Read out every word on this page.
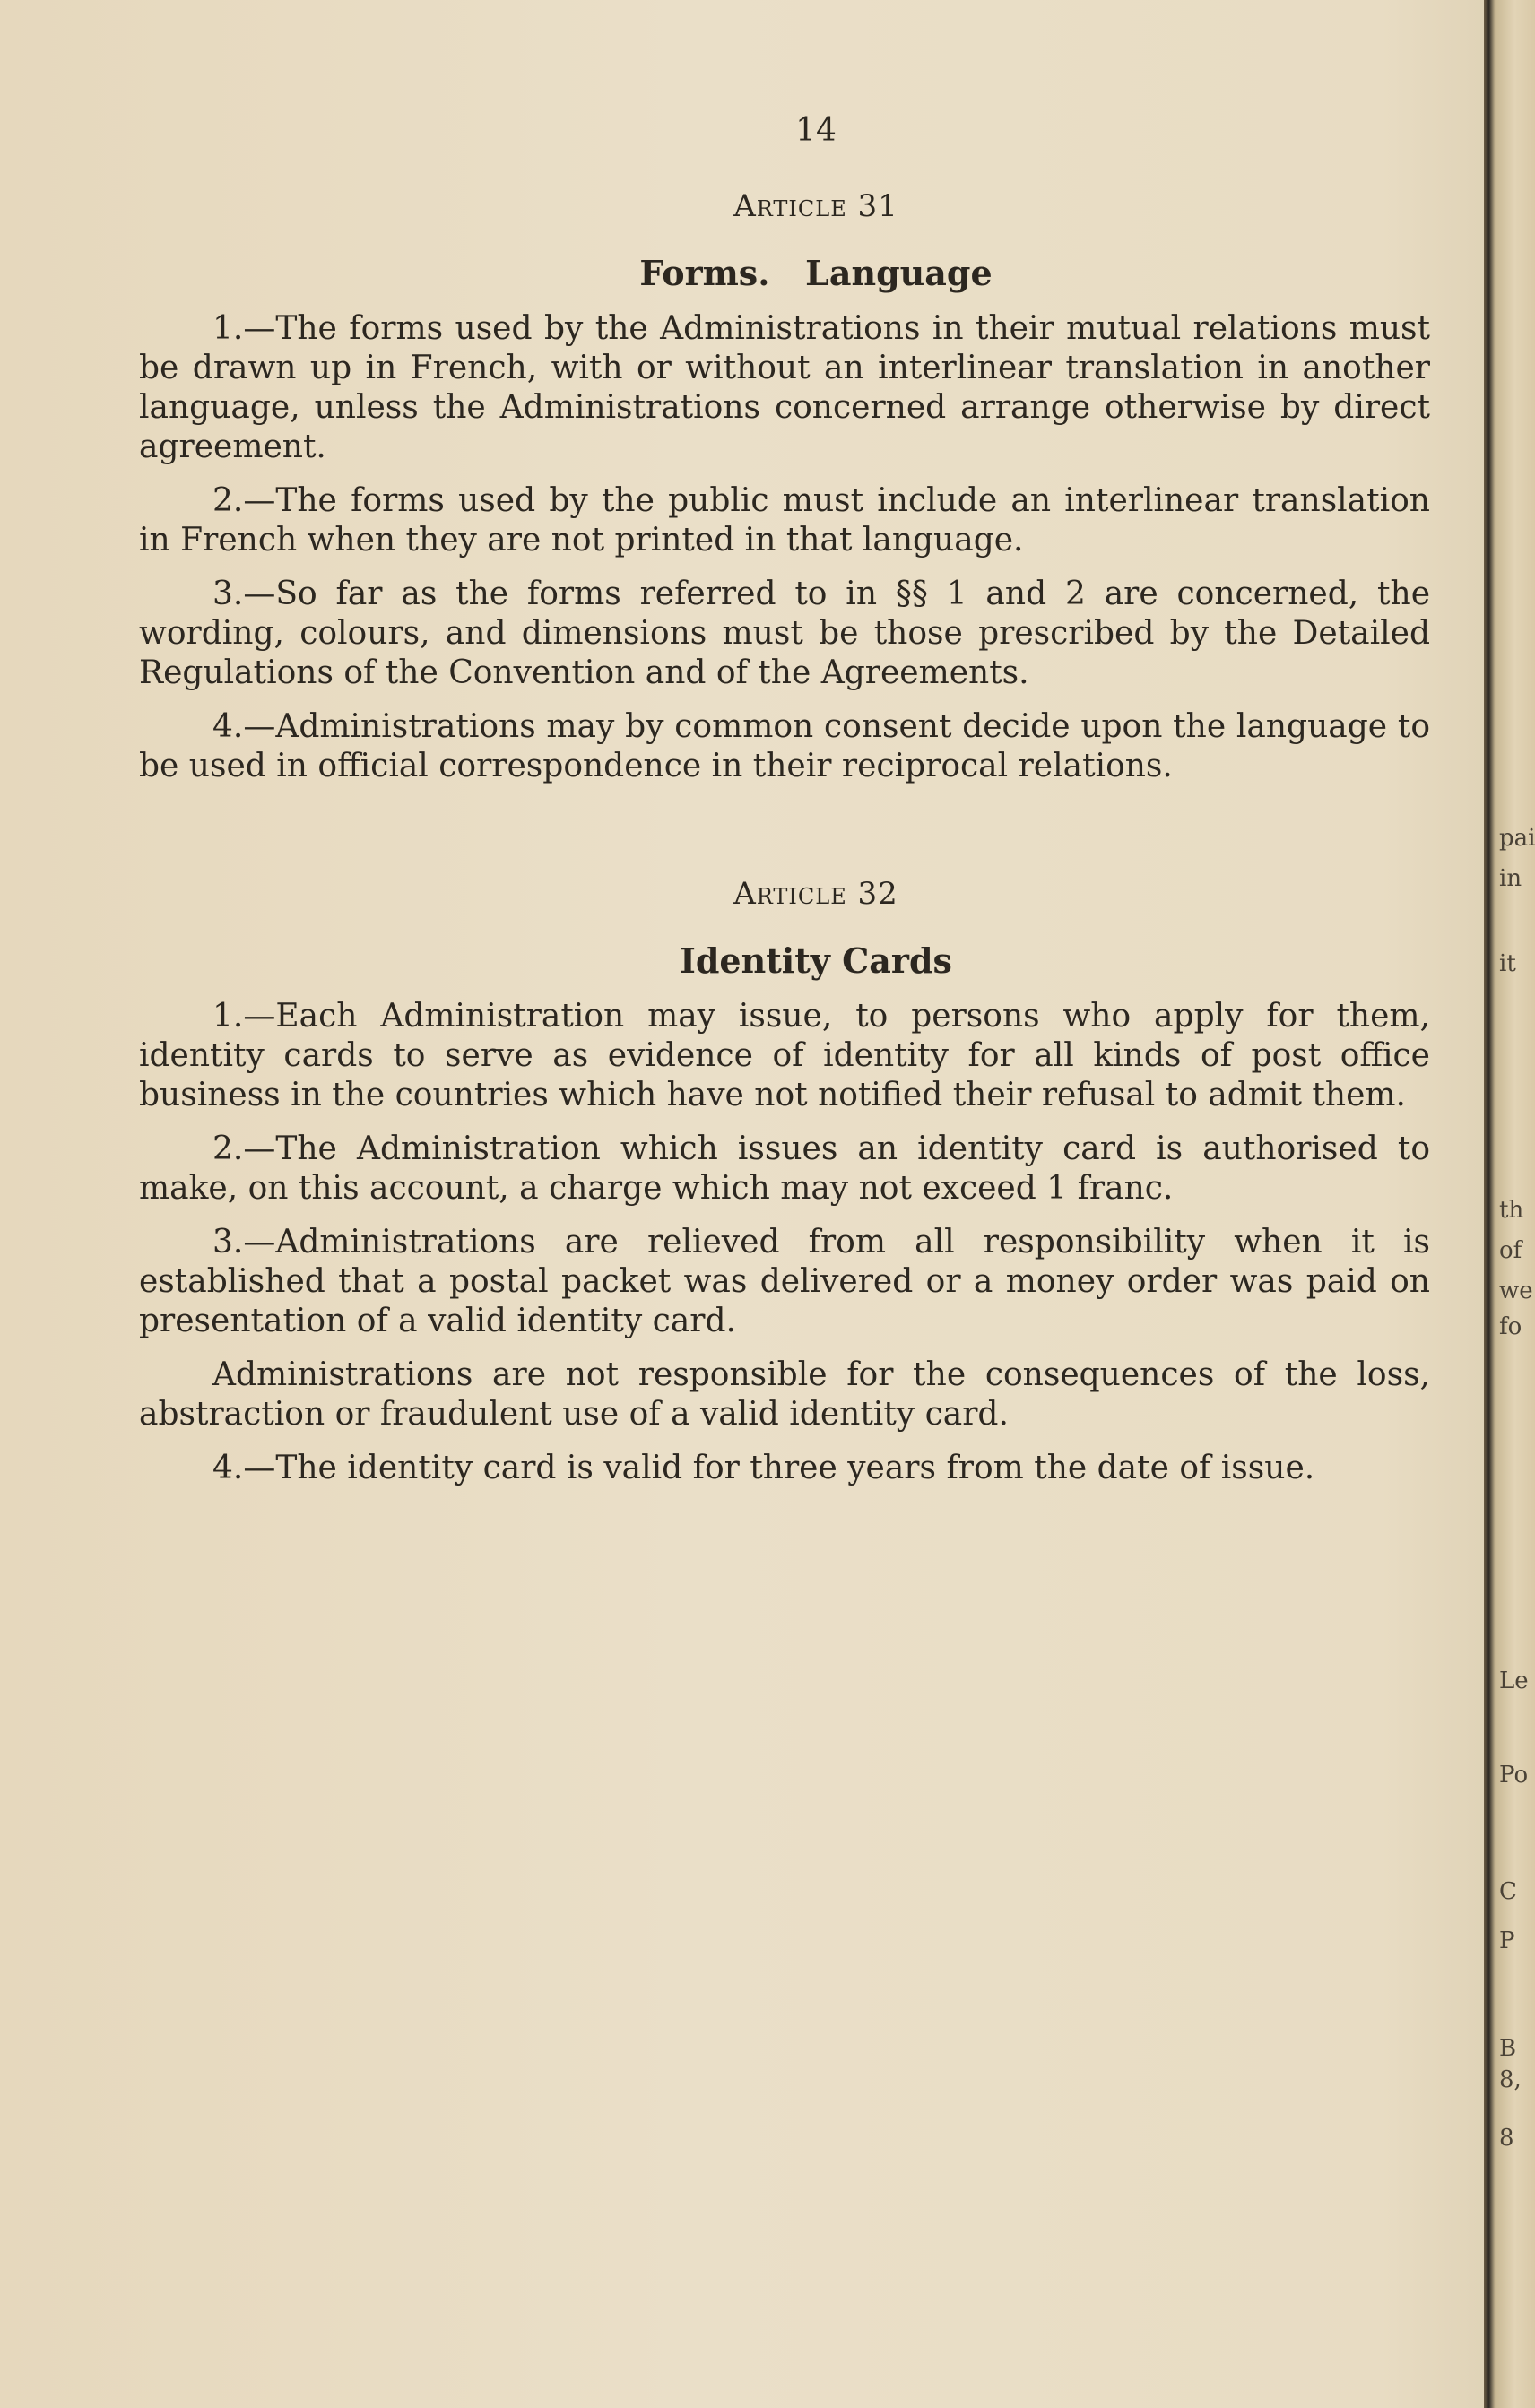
14
Article 31
Forms.   Language

1.—The forms used by the Administrations in their mutual relations must be drawn up in French, with or without an interlinear translation in another language, unless the Administrations concerned arrange otherwise by direct agreement.

2.—The forms used by the public must include an interlinear translation in French when they are not printed in that language.

3.—So far as the forms referred to in §§ 1 and 2 are concerned, the wording, colours, and dimensions must be those prescribed by the Detailed Regulations of the Convention and of the Agreements.

4.—Administrations may by common consent decide upon the language to be used in official correspondence in their reciprocal relations.

Article 32
Identity Cards

1.—Each Administration may issue, to persons who apply for them, identity cards to serve as evidence of identity for all kinds of post office business in the countries which have not notified their refusal to admit them.

2.—The Administration which issues an identity card is authorised to make, on this account, a charge which may not exceed 1 franc.

3.—Administrations are relieved from all responsibility when it is established that a postal packet was delivered or a money order was paid on presentation of a valid identity card.

Administrations are not responsible for the consequences of the loss, abstraction or fraudulent use of a valid identity card.

4.—The identity card is valid for three years from the date of issue.

pai
in
it
th
of
we
fo
Le
Po
C
P
B
8,
8
